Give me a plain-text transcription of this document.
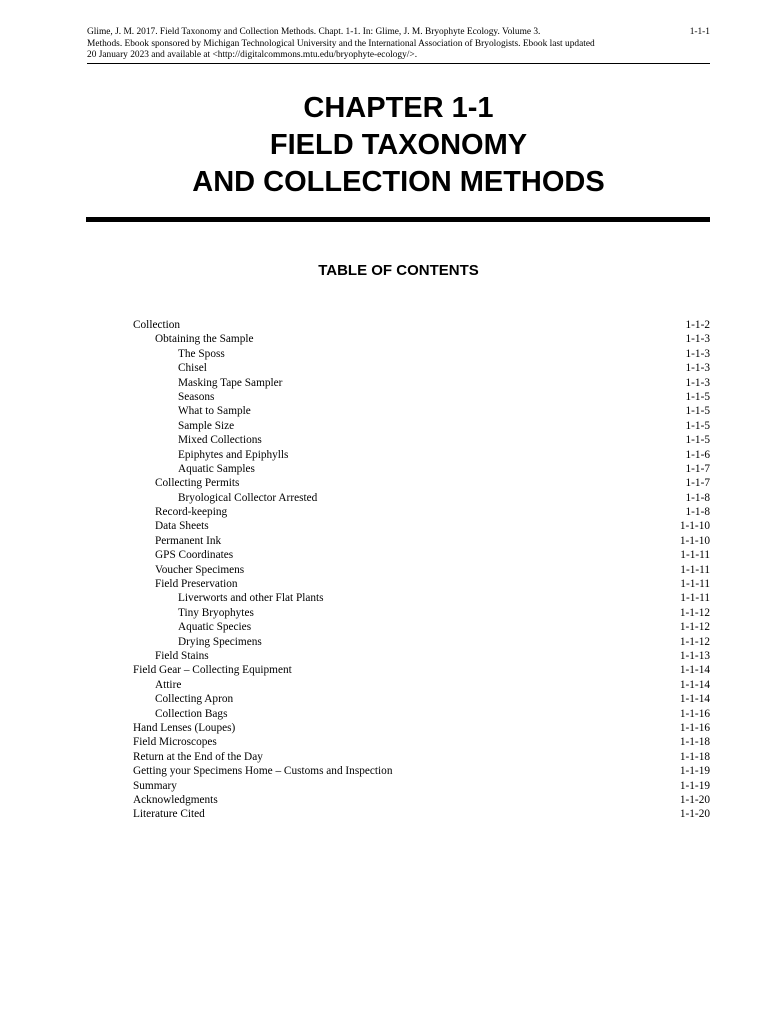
Glime, J. M. 2017. Field Taxonomy and Collection Methods. Chapt. 1-1. In: Glime, J. M. Bryophyte Ecology. Volume 3.
Methods. Ebook sponsored by Michigan Technological University and the International Association of Bryologists. Ebook last updated
20 January 2023 and available at <http://digitalcommons.mtu.edu/bryophyte-ecology/>.
1-1-1
CHAPTER 1-1
FIELD TAXONOMY
AND COLLECTION METHODS
TABLE OF CONTENTS
Collection	1-1-2
Obtaining the Sample	1-1-3
The Sposs	1-1-3
Chisel	1-1-3
Masking Tape Sampler	1-1-3
Seasons	1-1-5
What to Sample	1-1-5
Sample Size	1-1-5
Mixed Collections	1-1-5
Epiphytes and Epiphylls	1-1-6
Aquatic Samples	1-1-7
Collecting Permits	1-1-7
Bryological Collector Arrested	1-1-8
Record-keeping	1-1-8
Data Sheets	1-1-10
Permanent Ink	1-1-10
GPS Coordinates	1-1-11
Voucher Specimens	1-1-11
Field Preservation	1-1-11
Liverworts and other Flat Plants	1-1-11
Tiny Bryophytes	1-1-12
Aquatic Species	1-1-12
Drying Specimens	1-1-12
Field Stains	1-1-13
Field Gear – Collecting Equipment	1-1-14
Attire	1-1-14
Collecting Apron	1-1-14
Collection Bags	1-1-16
Hand Lenses (Loupes)	1-1-16
Field Microscopes	1-1-18
Return at the End of the Day	1-1-18
Getting your Specimens Home – Customs and Inspection	1-1-19
Summary	1-1-19
Acknowledgments	1-1-20
Literature Cited	1-1-20
